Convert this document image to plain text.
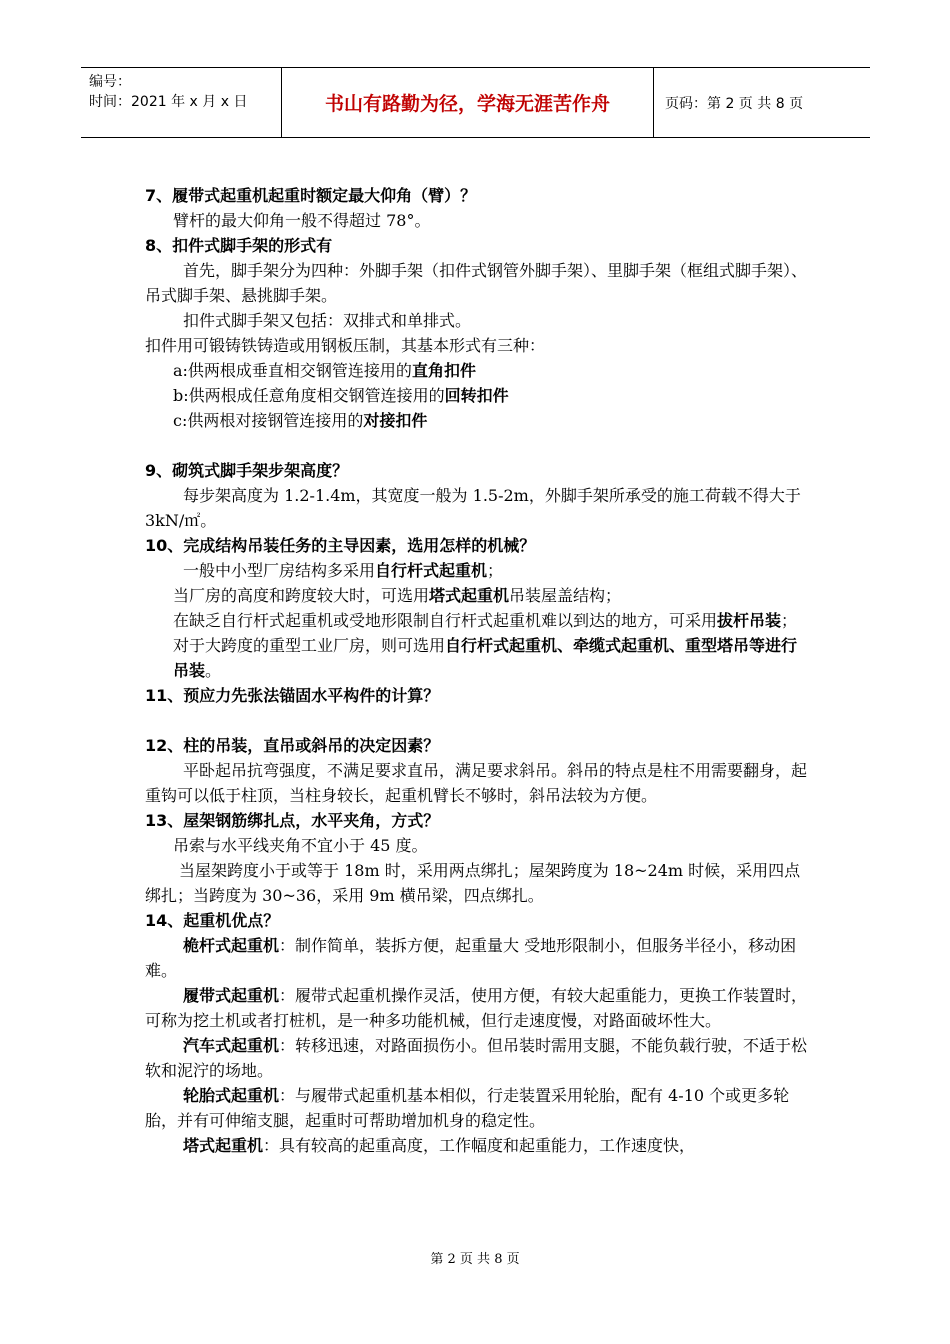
编号：
时间：2021 年 x 月 x 日	书山有路勤为径，学海无涯苦作舟	页码：第 2 页 共 8 页

7、履带式起重机起重时额定最大仰角（臂）？

臂杆的最大仰角一般不得超过 78°。

8、扣件式脚手架的形式有

首先，脚手架分为四种：外脚手架（扣件式钢管外脚手架）、里脚手架（框组式脚手架）、吊式脚手架、悬挑脚手架。

扣件式脚手架又包括：双排式和单排式。

扣件用可锻铸铁铸造或用钢板压制，其基本形式有三种：

a:供两根成垂直相交钢管连接用的直角扣件

b:供两根成任意角度相交钢管连接用的回转扣件

c:供两根对接钢管连接用的对接扣件

9、砌筑式脚手架步架高度？

每步架高度为 1.2-1.4m，其宽度一般为 1.5-2m，外脚手架所承受的施工荷载不得大于 3kN/㎡。

10、完成结构吊装任务的主导因素，选用怎样的机械？

一般中小型厂房结构多采用自行杆式起重机；

当厂房的高度和跨度较大时，可选用塔式起重机吊装屋盖结构；

在缺乏自行杆式起重机或受地形限制自行杆式起重机难以到达的地方，可采用拔杆吊装；

对于大跨度的重型工业厂房，则可选用自行杆式起重机、牵缆式起重机、重型塔吊等进行吊装。

11、预应力先张法锚固水平构件的计算？

12、柱的吊装，直吊或斜吊的决定因素？

平卧起吊抗弯强度，不满足要求直吊，满足要求斜吊。斜吊的特点是柱不用需要翻身，起重钩可以低于柱顶，当柱身较长，起重机臂长不够时，斜吊法较为方便。

13、屋架钢筋绑扎点，水平夹角，方式？

吊索与水平线夹角不宜小于 45 度。

当屋架跨度小于或等于 18m 时，采用两点绑扎；屋架跨度为 18~24m 时候，采用四点绑扎；当跨度为 30~36，采用 9m 横吊梁，四点绑扎。

14、起重机优点？

桅杆式起重机：制作简单，装拆方便，起重量大 受地形限制小，但服务半径小，移动困难。

履带式起重机：履带式起重机操作灵活，使用方便，有较大起重能力，更换工作装置时，可称为挖土机或者打桩机，是一种多功能机械，但行走速度慢，对路面破坏性大。

汽车式起重机：转移迅速，对路面损伤小。但吊装时需用支腿，不能负载行驶，不适于松软和泥泞的场地。

轮胎式起重机：与履带式起重机基本相似，行走装置采用轮胎，配有 4-10 个或更多轮胎，并有可伸缩支腿，起重时可帮助增加机身的稳定性。

塔式起重机：具有较高的起重高度，工作幅度和起重能力，工作速度快，

第 2 页 共 8 页
